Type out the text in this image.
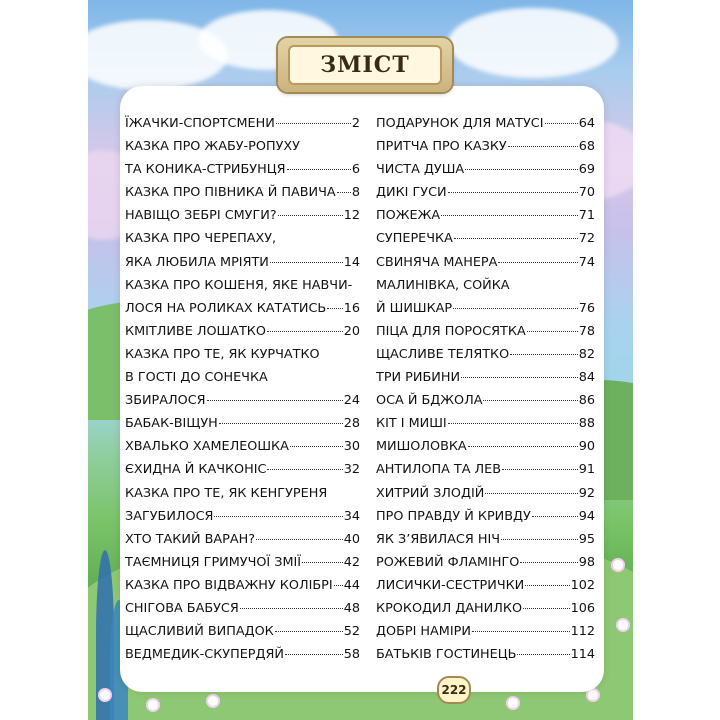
ЗМІСТ
222
ЇЖАЧКИ-СПОРТСМЕНИ	2
КАЗКА ПРО ЖАБУ-РОПУХУ
ТА КОНИКА-СТРИБУНЦЯ	6
КАЗКА ПРО ПІВНИКА Й ПАВИЧА 8
НАВІЩО ЗЕБРІ СМУГИ?	12
КАЗКА ПРО ЧЕРЕПАХУ,
ЯКА ЛЮБИЛА МРІЯТИ	14
КАЗКА ПРО КОШЕНЯ, ЯКЕ НАВЧИ-
ЛОСЯ НА РОЛИКАХ КАТАТИСЬ 16
КМІТЛИВЕ ЛОШАТКО	20
КАЗКА ПРО ТЕ, ЯК КУРЧАТКО
В ГОСТІ ДО СОНЕЧКА
ЗБИРАЛОСЯ	24
БАБАК-ВІЩУН	28
ХВАЛЬКО ХАМЕЛЕОШКА	30
ЄХИДНА Й КАЧКОНІС	32
КАЗКА ПРО ТЕ, ЯК КЕНГУРЕНЯ
ЗАГУБИЛОСЯ	34
ХТО ТАКИЙ ВАРАН?	40
ТАЄМНИЦЯ ГРИМУЧОЇ ЗМІЇ	42
КАЗКА ПРО ВІДВАЖНУ КОЛІБРІ 44
СНІГОВА БАБУСЯ	48
ЩАСЛИВИЙ ВИПАДОК	52
ВЕДМЕДИК-СКУПЕРДЯЙ	58
ПОДАРУНОК ДЛЯ МАТУСІ	64
ПРИТЧА ПРО КАЗКУ	68
ЧИСТА ДУША	69
ДИКІ ГУСИ	70
ПОЖЕЖА	71
СУПЕРЕЧКА	72
СВИНЯЧА МАНЕРА	74
МАЛИНІВКА, СОЙКА
Й ШИШКАР	76
ПІЦА ДЛЯ ПОРОСЯТКА	78
ЩАСЛИВЕ ТЕЛЯТКО	82
ТРИ РИБИНИ	84
ОСА Й БДЖОЛА	86
КІТ І МИШІ	88
МИШОЛОВКА	90
АНТИЛОПА ТА ЛЕВ	91
ХИТРИЙ ЗЛОДІЙ	92
ПРО ПРАВДУ Й КРИВДУ	94
ЯК З’ЯВИЛАСЯ НІЧ	95
РОЖЕВИЙ ФЛАМІНГО	98
ЛИСИЧКИ-СЕСТРИЧКИ	102
КРОКОДИЛ ДАНИЛКО	106
ДОБРІ НАМІРИ	112
БАТЬКІВ ГОСТИНЕЦЬ	114
